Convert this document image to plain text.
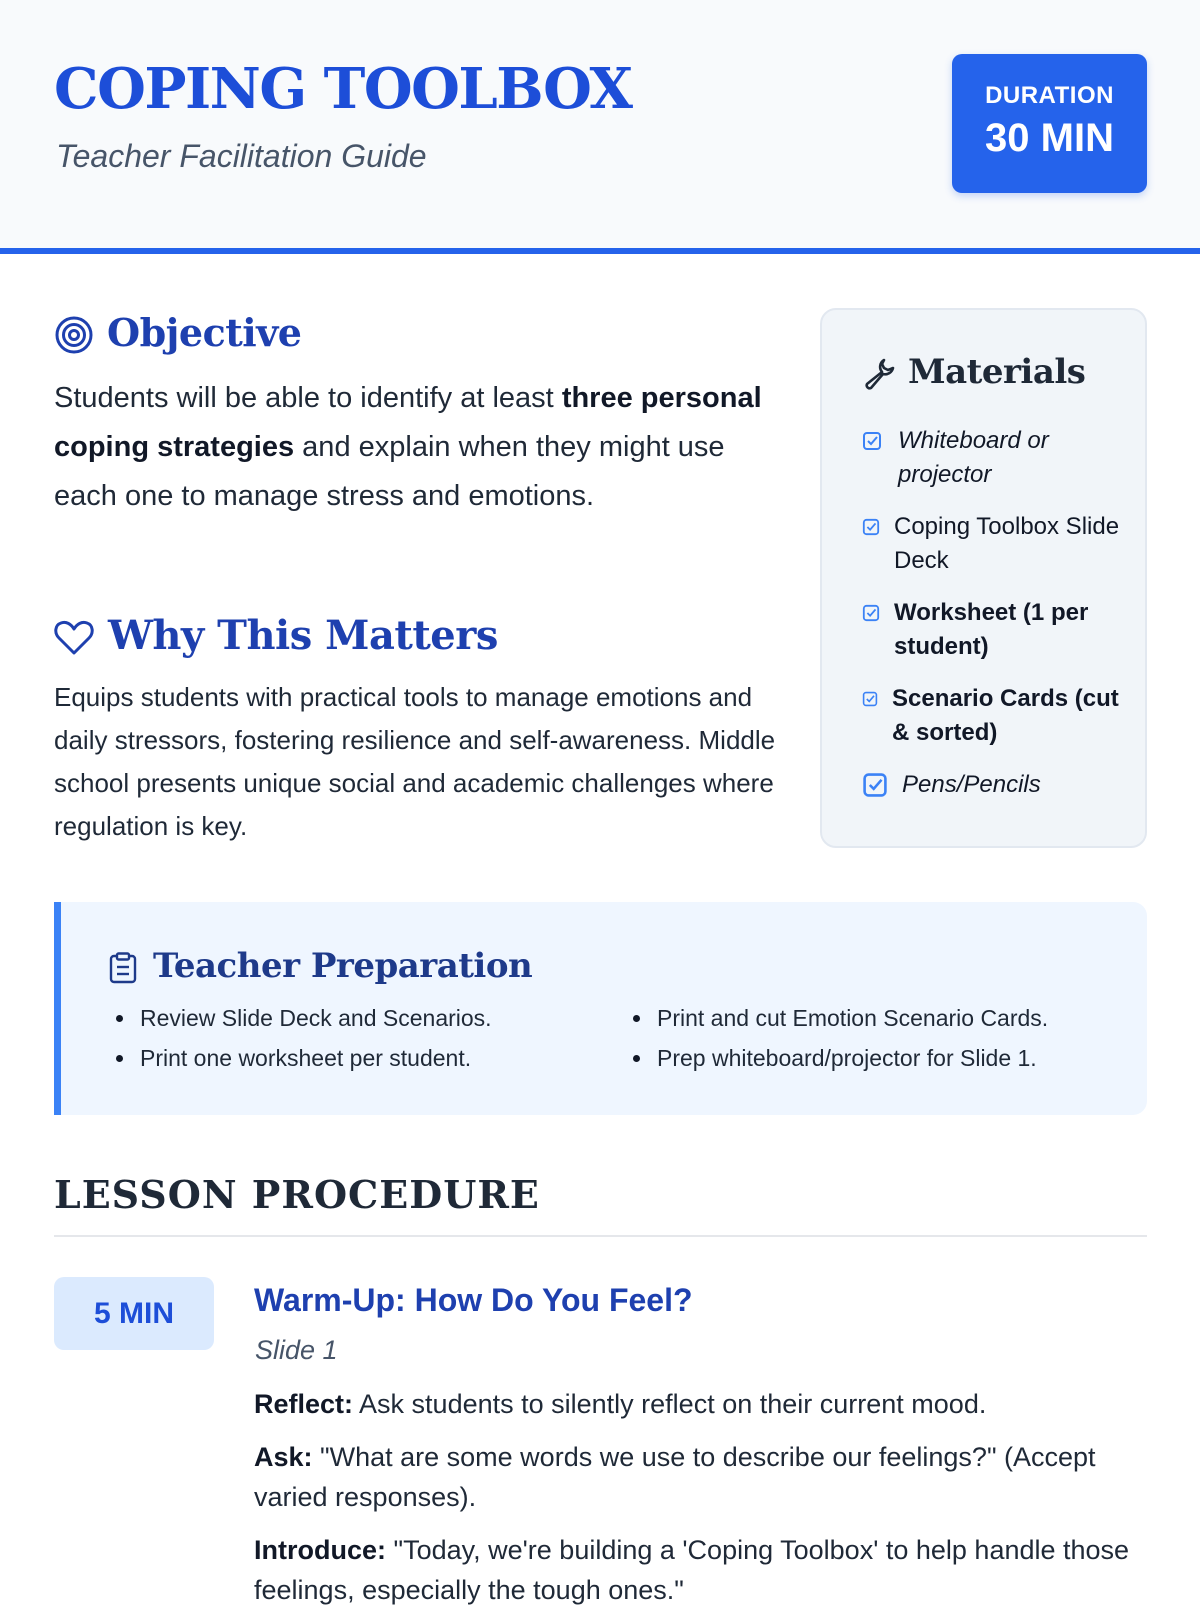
COPING TOOLBOX
Teacher Facilitation Guide
DURATION
30 MIN
Objective
Students will be able to identify at least three personal coping strategies and explain when they might use each one to manage stress and emotions.
Why This Matters
Equips students with practical tools to manage emotions and daily stressors, fostering resilience and self-awareness. Middle school presents unique social and academic challenges where regulation is key.
Materials
Whiteboard or projector
Coping Toolbox Slide Deck
Worksheet (1 per student)
Scenario Cards (cut & sorted)
Pens/Pencils
Teacher Preparation
Review Slide Deck and Scenarios.
Print one worksheet per student.
Print and cut Emotion Scenario Cards.
Prep whiteboard/projector for Slide 1.
LESSON PROCEDURE
5 MIN	Warm-Up: How Do You Feel?
Slide 1
Reflect: Ask students to silently reflect on their current mood.
Ask: "What are some words we use to describe our feelings?" (Accept varied responses).
Introduce: "Today, we're building a 'Coping Toolbox' to help handle those feelings, especially the tough ones."
